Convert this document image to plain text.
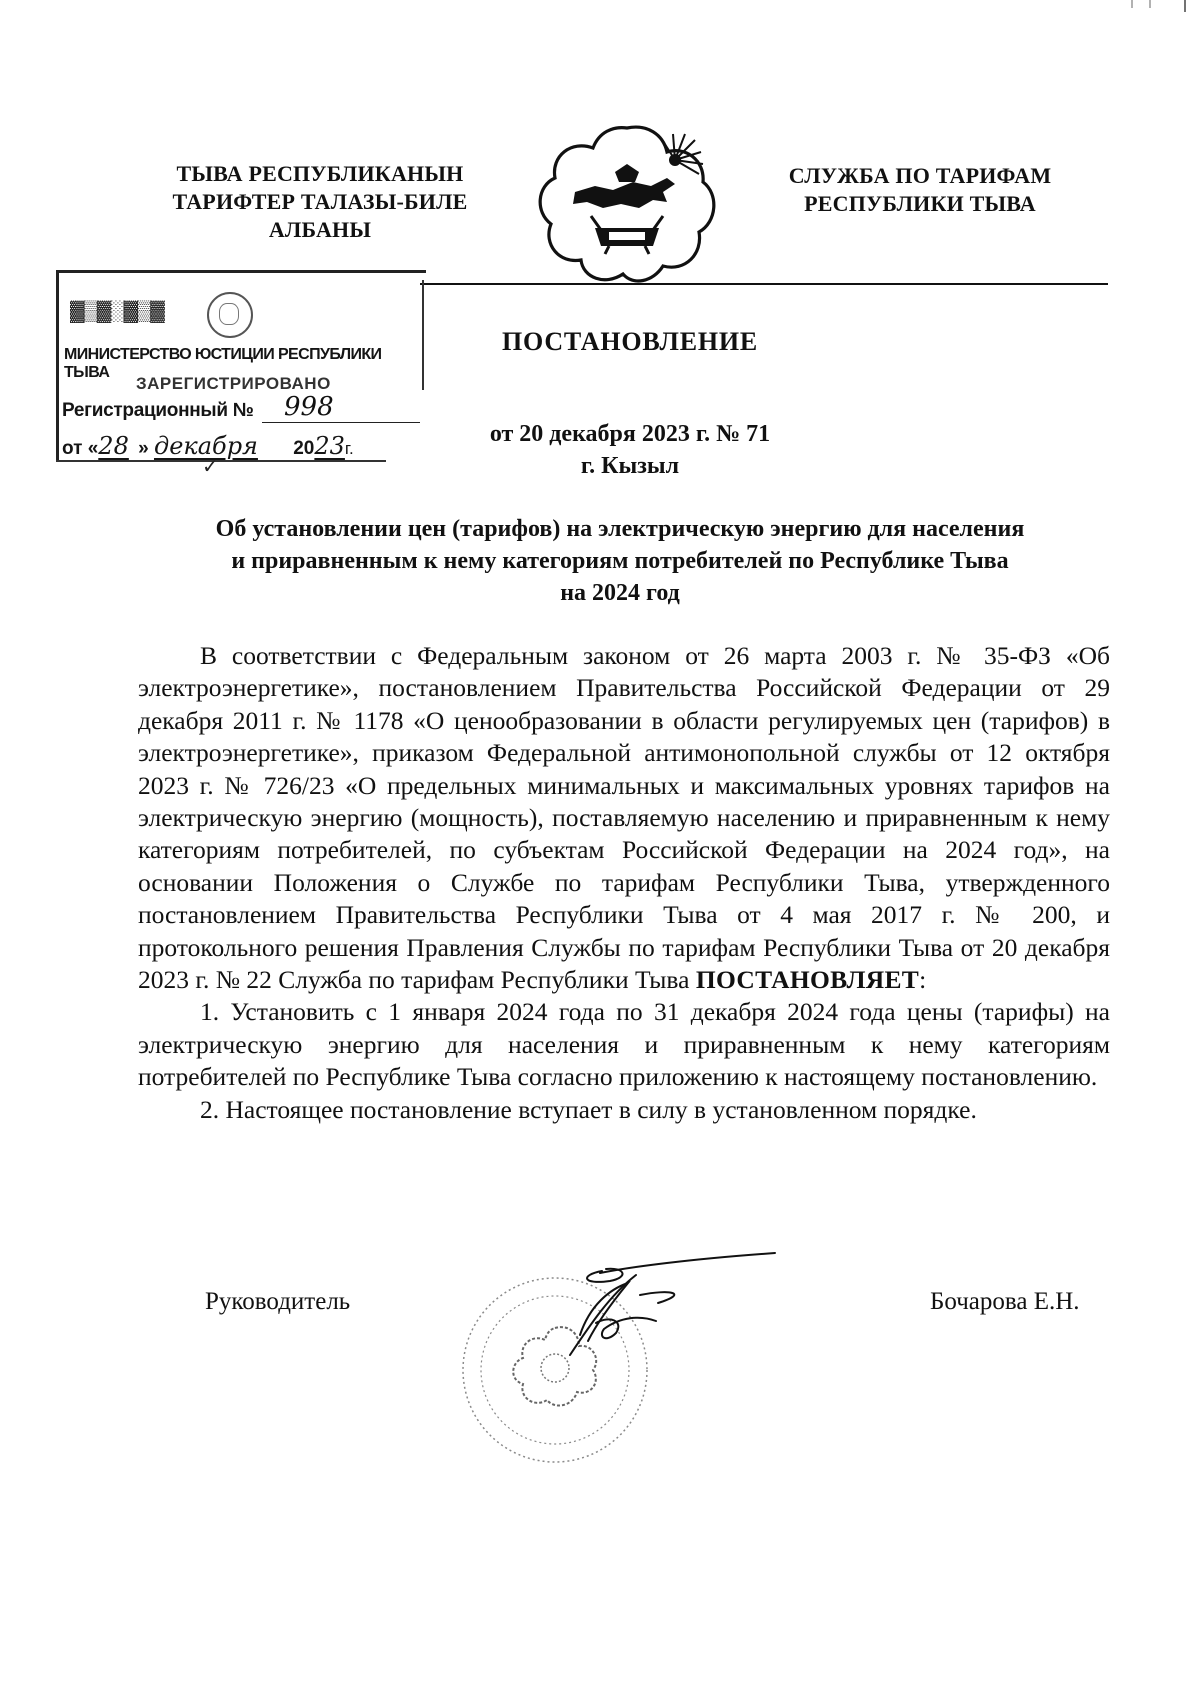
ТЫВА РЕСПУБЛИКАНЫН
ТАРИФТЕР ТАЛАЗЫ-БИЛЕ
АЛБАНЫ
СЛУЖБА ПО ТАРИФАМ
РЕСПУБЛИКИ ТЫВА
▓▒▓░▓▒▓
МИНИСТЕРСТВО ЮСТИЦИИ РЕСПУБЛИКИ ТЫВА
ЗАРЕГИСТРИРОВАНО
Регистрационный № 998
от «28 » декабря 2023г.
✓
ПОСТАНОВЛЕНИЕ
от 20 декабря 2023 г. № 71
г. Кызыл
Об установлении цен (тарифов) на электрическую энергию для населения
и приравненным к нему категориям потребителей по Республике Тыва
на 2024 год

В соответствии с Федеральным законом от 26 марта 2003 г. № 35-ФЗ «Об электроэнергетике», постановлением Правительства Российской Федерации от 29 декабря 2011 г. № 1178 «О ценообразовании в области регулируемых цен (тарифов) в электроэнергетике», приказом Федеральной антимонопольной службы от 12 октября 2023 г. № 726/23 «О предельных минимальных и максимальных уровнях тарифов на электрическую энергию (мощность), поставляемую населению и приравненным к нему категориям потребителей, по субъектам Российской Федерации на 2024 год», на основании Положения о Службе по тарифам Республики Тыва, утвержденного постановлением Правительства Республики Тыва от 4 мая 2017 г. № 200, и протокольного решения Правления Службы по тарифам Республики Тыва от 20 декабря 2023 г. № 22 Служба по тарифам Республики Тыва ПОСТАНОВЛЯЕТ:

1. Установить с 1 января 2024 года по 31 декабря 2024 года цены (тарифы) на электрическую энергию для населения и приравненным к нему категориям потребителей по Республике Тыва согласно приложению к настоящему постановлению.

2. Настоящее постановление вступает в силу в установленном порядке.

Руководитель	Бочарова Е.Н.
